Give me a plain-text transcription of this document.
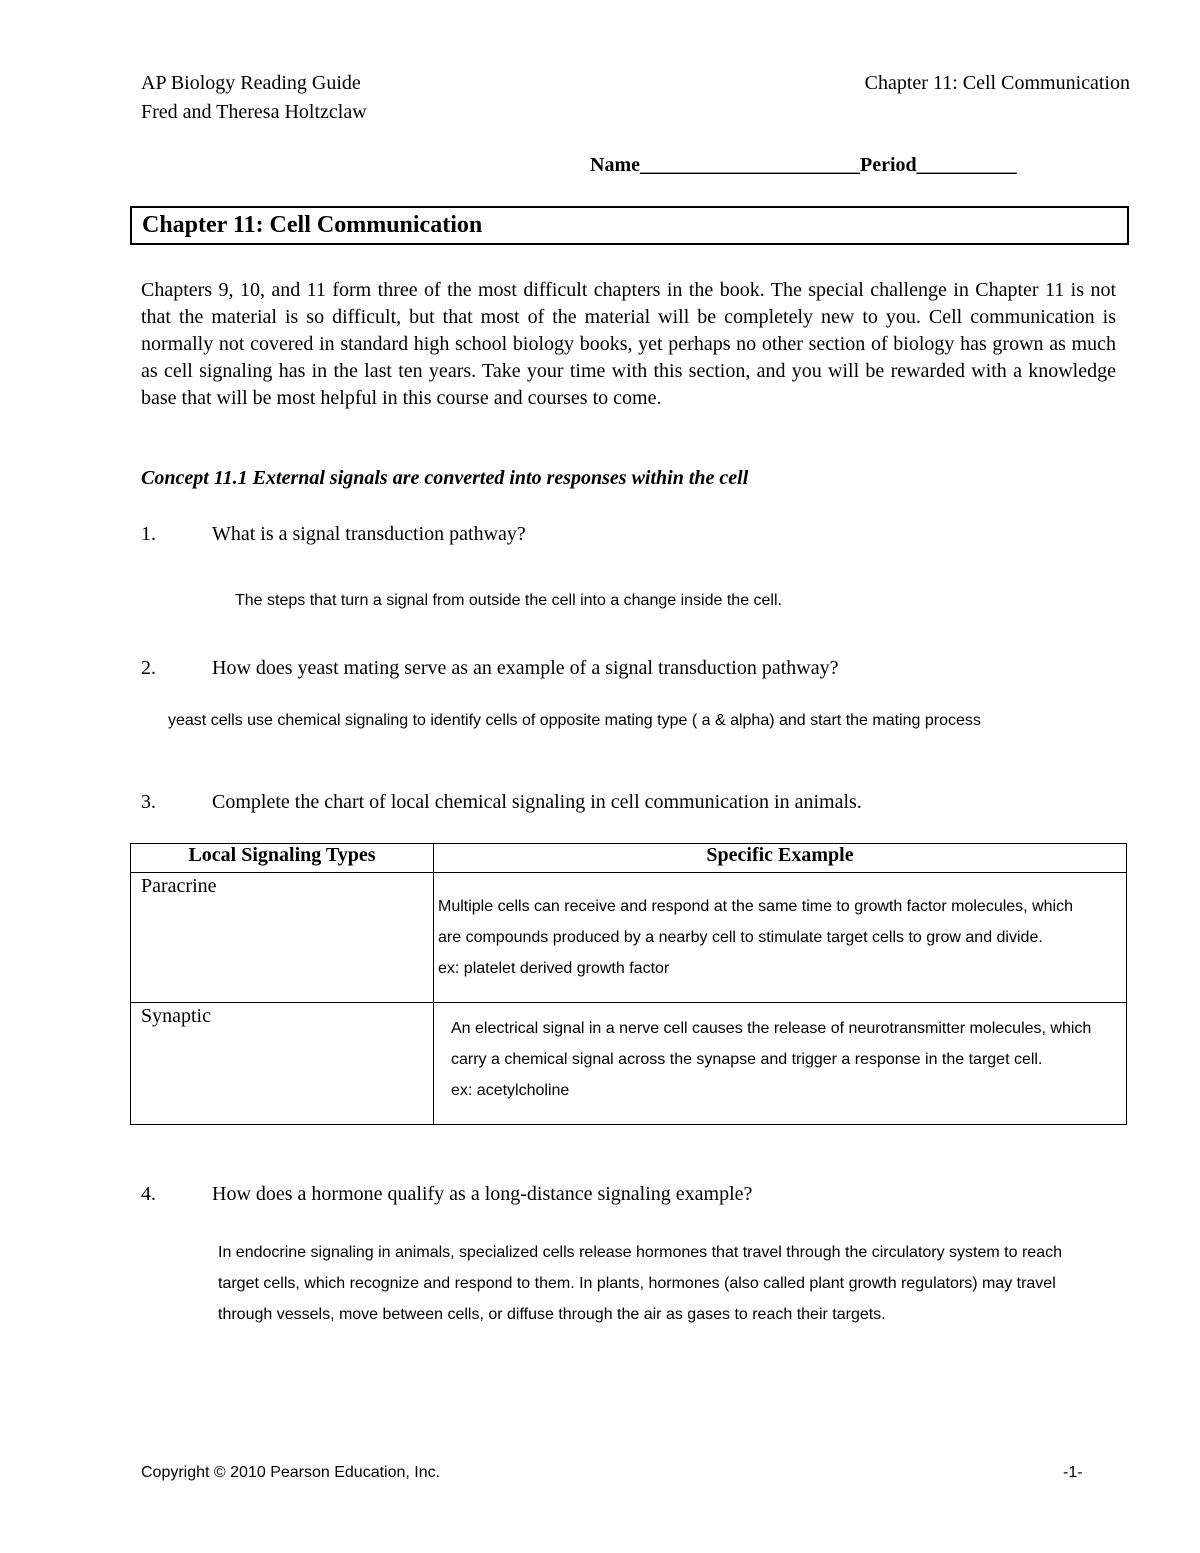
AP Biology Reading Guide
Fred and Theresa Holtzclaw
Chapter 11: Cell Communication
Name______________________Period__________
Chapter 11: Cell Communication
Chapters 9, 10, and 11 form three of the most difficult chapters in the book. The special challenge in Chapter 11 is not that the material is so difficult, but that most of the material will be completely new to you. Cell communication is normally not covered in standard high school biology books, yet perhaps no other section of biology has grown as much as cell signaling has in the last ten years. Take your time with this section, and you will be rewarded with a knowledge base that will be most helpful in this course and courses to come.
Concept 11.1 External signals are converted into responses within the cell
1.	What is a signal transduction pathway?
The steps that turn a signal from outside the cell into a change inside the cell.
2.	How does yeast mating serve as an example of a signal transduction pathway?
yeast cells use chemical signaling to identify cells of opposite mating type ( a & alpha) and start the mating process
3.	Complete the chart of local chemical signaling in cell communication in animals.
Local Signaling Types	Specific Example

Paracrine	Multiple cells can receive and respond at the same time to growth factor molecules, which
are compounds produced by a nearby cell to stimulate target cells to grow and divide.
ex: platelet derived growth factor

Synaptic	An electrical signal in a nerve cell causes the release of neurotransmitter molecules, which
carry a chemical signal across the synapse and trigger a response in the target cell.
ex: acetylcholine
4.	How does a hormone qualify as a long-distance signaling example?
In endocrine signaling in animals, specialized cells release hormones that travel through the circulatory system to reach
target cells, which recognize and respond to them. In plants, hormones (also called plant growth regulators) may travel
through vessels, move between cells, or diffuse through the air as gases to reach their targets.
Copyright © 2010 Pearson Education, Inc.	-1-
